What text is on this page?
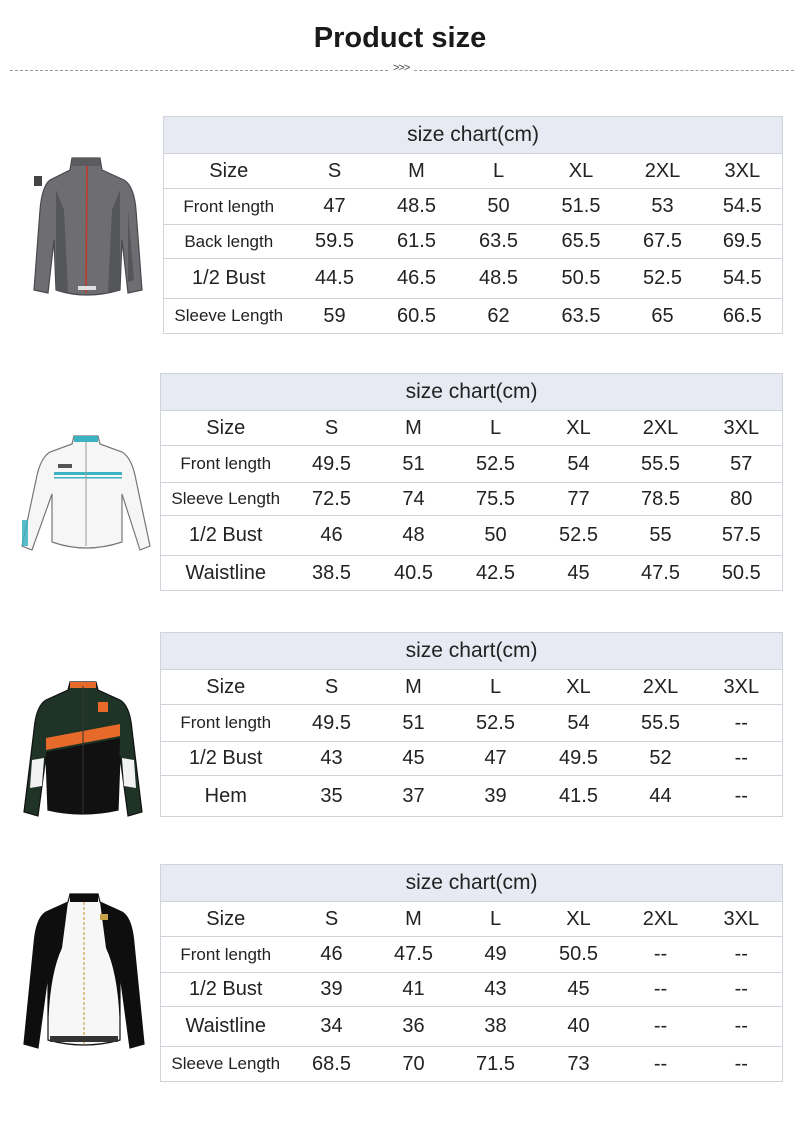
Product size
>>>
size chart(cm)						
Size	S	M	L	XL	2XL	3XL
Front length	47	48.5	50	51.5	53	54.5
Back length	59.5	61.5	63.5	65.5	67.5	69.5
1/2 Bust	44.5	46.5	48.5	50.5	52.5	54.5
Sleeve Length	59	60.5	62	63.5	65	66.5
size chart(cm)						
Size	S	M	L	XL	2XL	3XL
Front length	49.5	51	52.5	54	55.5	57
Sleeve Length	72.5	74	75.5	77	78.5	80
1/2 Bust	46	48	50	52.5	55	57.5
Waistline	38.5	40.5	42.5	45	47.5	50.5
size chart(cm)						
Size	S	M	L	XL	2XL	3XL
Front length	49.5	51	52.5	54	55.5	--
1/2 Bust	43	45	47	49.5	52	--
Hem	35	37	39	41.5	44	--
size chart(cm)						
Size	S	M	L	XL	2XL	3XL
Front length	46	47.5	49	50.5	--	--
1/2 Bust	39	41	43	45	--	--
Waistline	34	36	38	40	--	--
Sleeve Length	68.5	70	71.5	73	--	--
